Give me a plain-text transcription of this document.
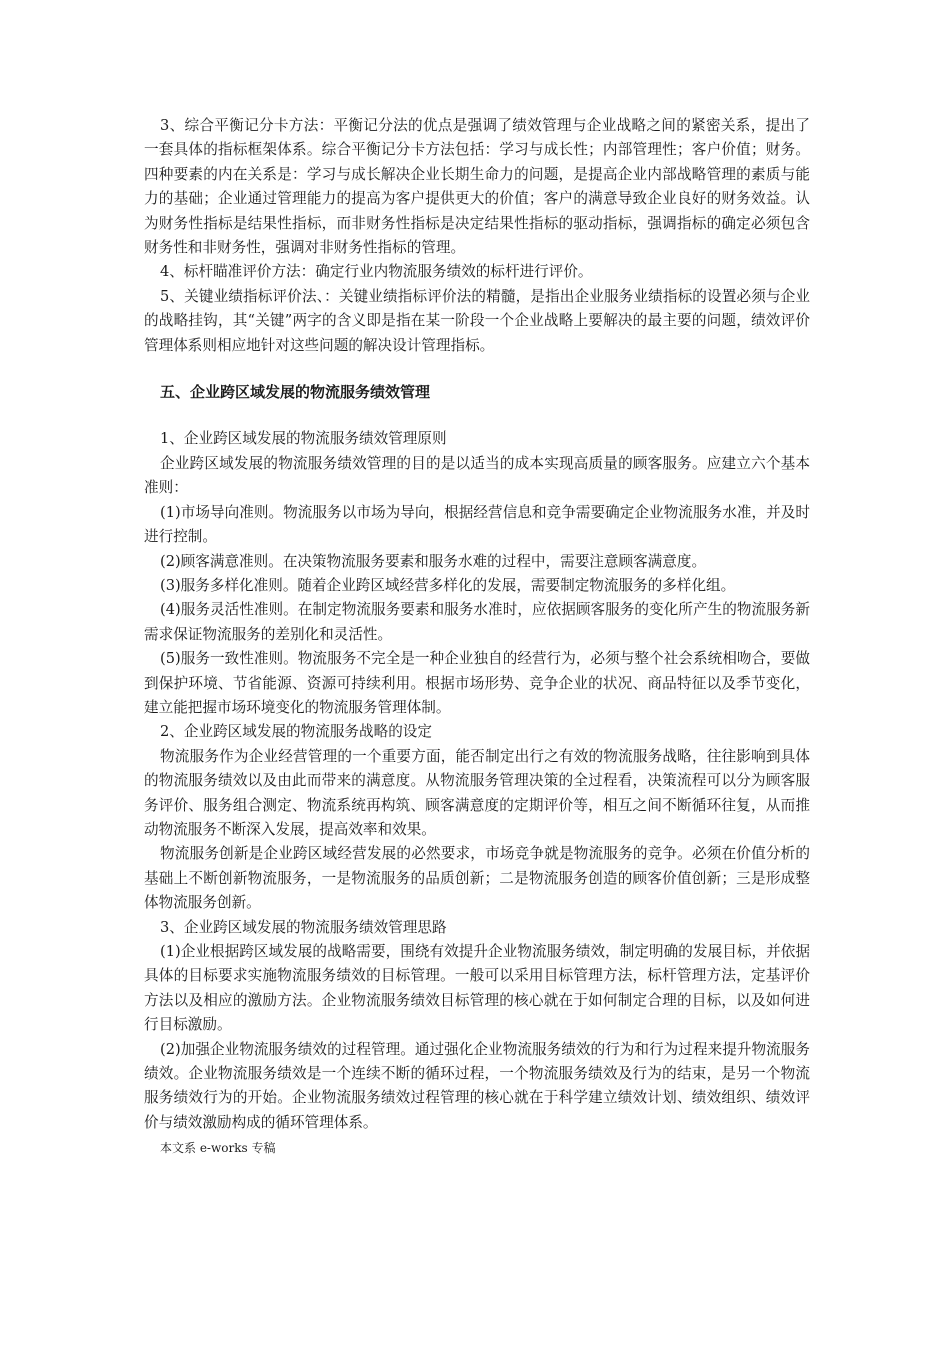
3、综合平衡记分卡方法：平衡记分法的优点是强调了绩效管理与企业战略之间的紧密关系，提出了一套具体的指标框架体系。综合平衡记分卡方法包括：学习与成长性；内部管理性；客户价值；财务。四种要素的内在关系是：学习与成长解决企业长期生命力的问题，是提高企业内部战略管理的素质与能力的基础；企业通过管理能力的提高为客户提供更大的价值；客户的满意导致企业良好的财务效益。认为财务性指标是结果性指标，而非财务性指标是决定结果性指标的驱动指标，强调指标的确定必须包含财务性和非财务性，强调对非财务性指标的管理。

4、标杆瞄准评价方法：确定行业内物流服务绩效的标杆进行评价。

5、关键业绩指标评价法、：关键业绩指标评价法的精髓，是指出企业服务业绩指标的设置必须与企业的战略挂钩，其“关键”两字的含义即是指在某一阶段一个企业战略上要解决的最主要的问题，绩效评价管理体系则相应地针对这些问题的解决设计管理指标。

五、企业跨区域发展的物流服务绩效管理

1、企业跨区域发展的物流服务绩效管理原则

企业跨区域发展的物流服务绩效管理的目的是以适当的成本实现高质量的顾客服务。应建立六个基本准则：

(1)市场导向准则。物流服务以市场为导向，根据经营信息和竞争需要确定企业物流服务水准，并及时进行控制。

(2)顾客满意准则。在决策物流服务要素和服务水难的过程中，需要注意顾客满意度。

(3)服务多样化准则。随着企业跨区域经营多样化的发展，需要制定物流服务的多样化组。

(4)服务灵活性准则。在制定物流服务要素和服务水准时，应依据顾客服务的变化所产生的物流服务新需求保证物流服务的差别化和灵活性。

(5)服务一致性准则。物流服务不完全是一种企业独自的经营行为，必须与整个社会系统相吻合，要做到保护环境、节省能源、资源可持续利用。根据市场形势、竞争企业的状况、商品特征以及季节变化，建立能把握市场环境变化的物流服务管理体制。

2、企业跨区域发展的物流服务战略的设定

物流服务作为企业经营管理的一个重要方面，能否制定出行之有效的物流服务战略，往往影响到具体的物流服务绩效以及由此而带来的满意度。从物流服务管理决策的全过程看，决策流程可以分为顾客服务评价、服务组合测定、物流系统再构筑、顾客满意度的定期评价等，相互之间不断循环往复，从而推动物流服务不断深入发展，提高效率和效果。

物流服务创新是企业跨区域经营发展的必然要求，市场竞争就是物流服务的竞争。必须在价值分析的基础上不断创新物流服务，一是物流服务的品质创新；二是物流服务创造的顾客价值创新；三是形成整体物流服务创新。

3、企业跨区域发展的物流服务绩效管理思路

(1)企业根据跨区域发展的战略需要，围绕有效提升企业物流服务绩效，制定明确的发展目标，并依据具体的目标要求实施物流服务绩效的目标管理。一般可以采用目标管理方法，标杆管理方法，定基评价方法以及相应的激励方法。企业物流服务绩效目标管理的核心就在于如何制定合理的目标，以及如何进行目标激励。

(2)加强企业物流服务绩效的过程管理。通过强化企业物流服务绩效的行为和行为过程来提升物流服务绩效。企业物流服务绩效是一个连续不断的循环过程，一个物流服务绩效及行为的结束，是另一个物流服务绩效行为的开始。企业物流服务绩效过程管理的核心就在于科学建立绩效计划、绩效组织、绩效评价与绩效激励构成的循环管理体系。

本文系 e-works 专稿
